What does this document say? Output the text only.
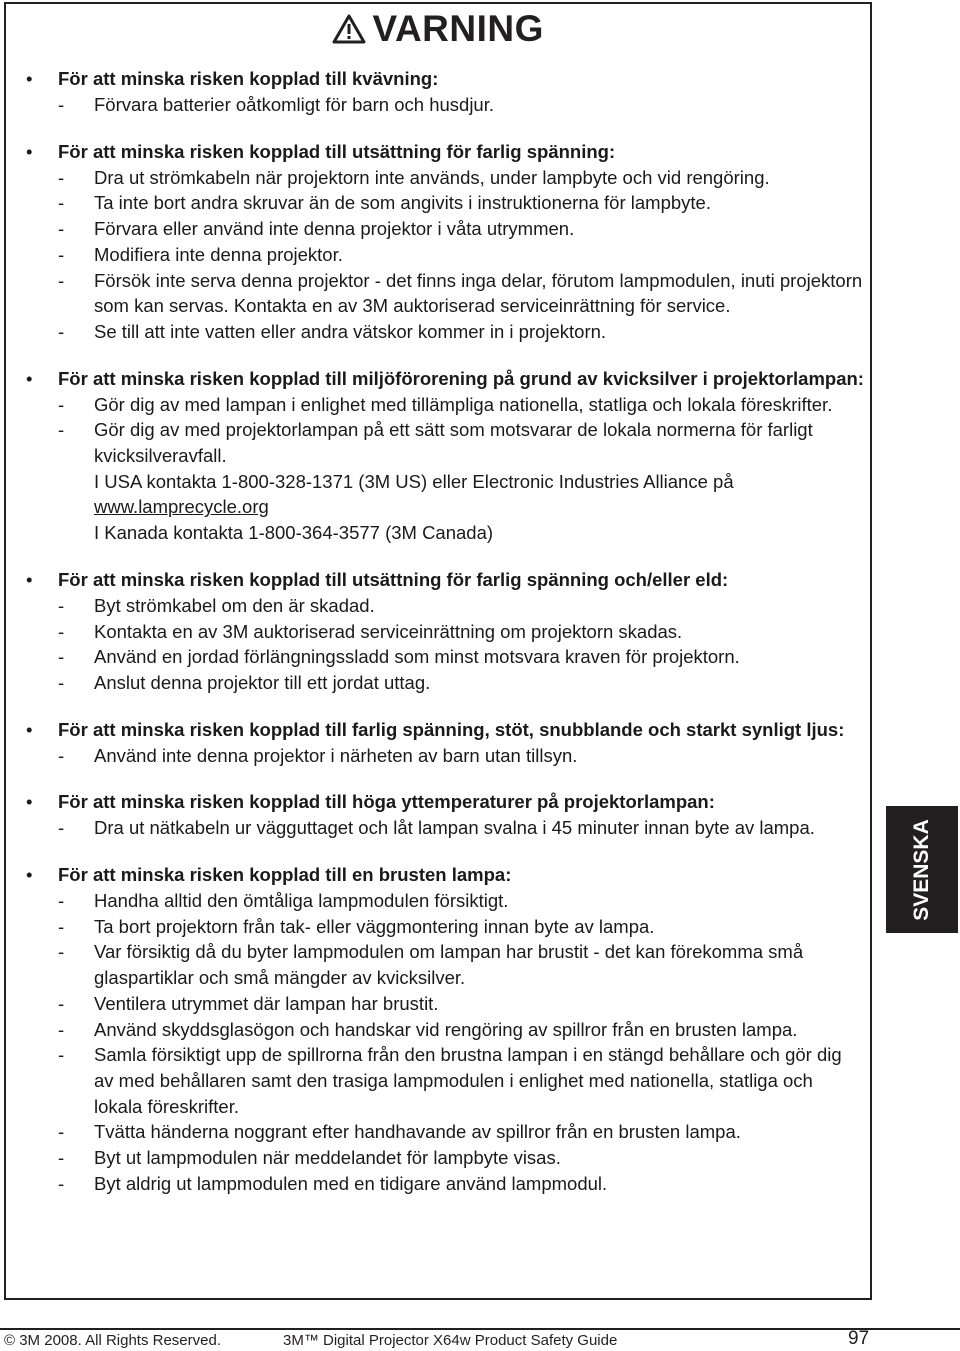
VARNING
• För att minska risken kopplad till kvävning:
- Förvara batterier oåtkomligt för barn och husdjur.
• För att minska risken kopplad till utsättning för farlig spänning:
- Dra ut strömkabeln när projektorn inte används, under lampbyte och vid rengöring.
- Ta inte bort andra skruvar än de som angivits i instruktionerna för lampbyte.
- Förvara eller använd inte denna projektor i våta utrymmen.
- Modifiera inte denna projektor.
- Försök inte serva denna projektor - det finns inga delar, förutom lampmodulen, inuti projektorn som kan servas. Kontakta en av 3M auktoriserad serviceinrättning för service.
- Se till att inte vatten eller andra vätskor kommer in i projektorn.
• För att minska risken kopplad till miljöförorening på grund av kvicksilver i projektorlampan:
- Gör dig av med lampan i enlighet med tillämpliga nationella, statliga och lokala föreskrifter.
- Gör dig av med projektorlampan på ett sätt som motsvarar de lokala normerna för farligt kvicksilveravfall.
I USA kontakta 1-800-328-1371 (3M US) eller Electronic Industries Alliance på
www.lamprecycle.org
I Kanada kontakta 1-800-364-3577 (3M Canada)
• För att minska risken kopplad till utsättning för farlig spänning och/eller eld:
- Byt strömkabel om den är skadad.
- Kontakta en av 3M auktoriserad serviceinrättning om projektorn skadas.
- Använd en jordad förlängningssladd som minst motsvara kraven för projektorn.
- Anslut denna projektor till ett jordat uttag.
• För att minska risken kopplad till farlig spänning, stöt, snubblande och starkt synligt ljus:
- Använd inte denna projektor i närheten av barn utan tillsyn.
• För att minska risken kopplad till höga yttemperaturer på projektorlampan:
- Dra ut nätkabeln ur vägguttaget och låt lampan svalna i 45 minuter innan byte av lampa.
• För att minska risken kopplad till en brusten lampa:
- Handha alltid den ömtåliga lampmodulen försiktigt.
- Ta bort projektorn från tak- eller väggmontering innan byte av lampa.
- Var försiktig då du byter lampmodulen om lampan har brustit - det kan förekomma små glaspartiklar och små mängder av kvicksilver.
- Ventilera utrymmet där lampan har brustit.
- Använd skyddsglasögon och handskar vid rengöring av spillror från en brusten lampa.
- Samla försiktigt upp de spillrorna från den brustna lampan i en stängd behållare och gör dig av med behållaren samt den trasiga lampmodulen i enlighet med nationella, statliga och lokala föreskrifter.
- Tvätta händerna noggrant efter handhavande av spillror från en brusten lampa.
- Byt ut lampmodulen när meddelandet för lampbyte visas.
- Byt aldrig ut lampmodulen med en tidigare använd lampmodul.
SVENSKA
© 3M 2008. All Rights Reserved.	3M™ Digital Projector X64w Product Safety Guide	97
